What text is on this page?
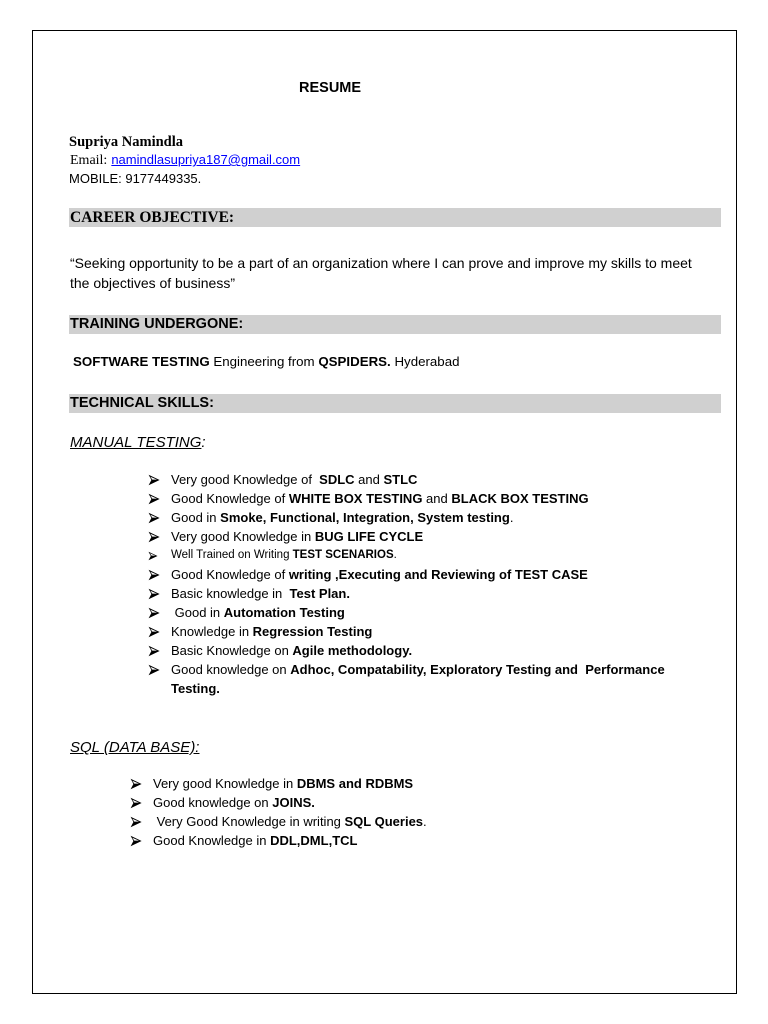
RESUME
Supriya Namindla
Email: namindlasupriya187@gmail.com
MOBILE: 9177449335.
CAREER OBJECTIVE:

“Seeking opportunity to be a part of an organization where I can prove and improve my skills to meet the objectives of business”

TRAINING UNDERGONE:
SOFTWARE TESTING Engineering from QSPIDERS. Hyderabad
TECHNICAL SKILLS:
MANUAL TESTING:
Very good Knowledge of  SDLC and STLC
Good Knowledge of WHITE BOX TESTING and BLACK BOX TESTING
Good in Smoke, Functional, Integration, System testing.
Very good Knowledge in BUG LIFE CYCLE
Well Trained on Writing TEST SCENARIOS.
Good Knowledge of writing ,Executing and Reviewing of TEST CASE
Basic knowledge in  Test Plan.
Good in Automation Testing
Knowledge in Regression Testing
Basic Knowledge on Agile methodology.
Good knowledge on Adhoc, Compatability, Exploratory Testing and  Performance Testing.
SQL (DATA BASE):
Very good Knowledge in DBMS and RDBMS
Good knowledge on JOINS.
Very Good Knowledge in writing SQL Queries.
Good Knowledge in DDL,DML,TCL
